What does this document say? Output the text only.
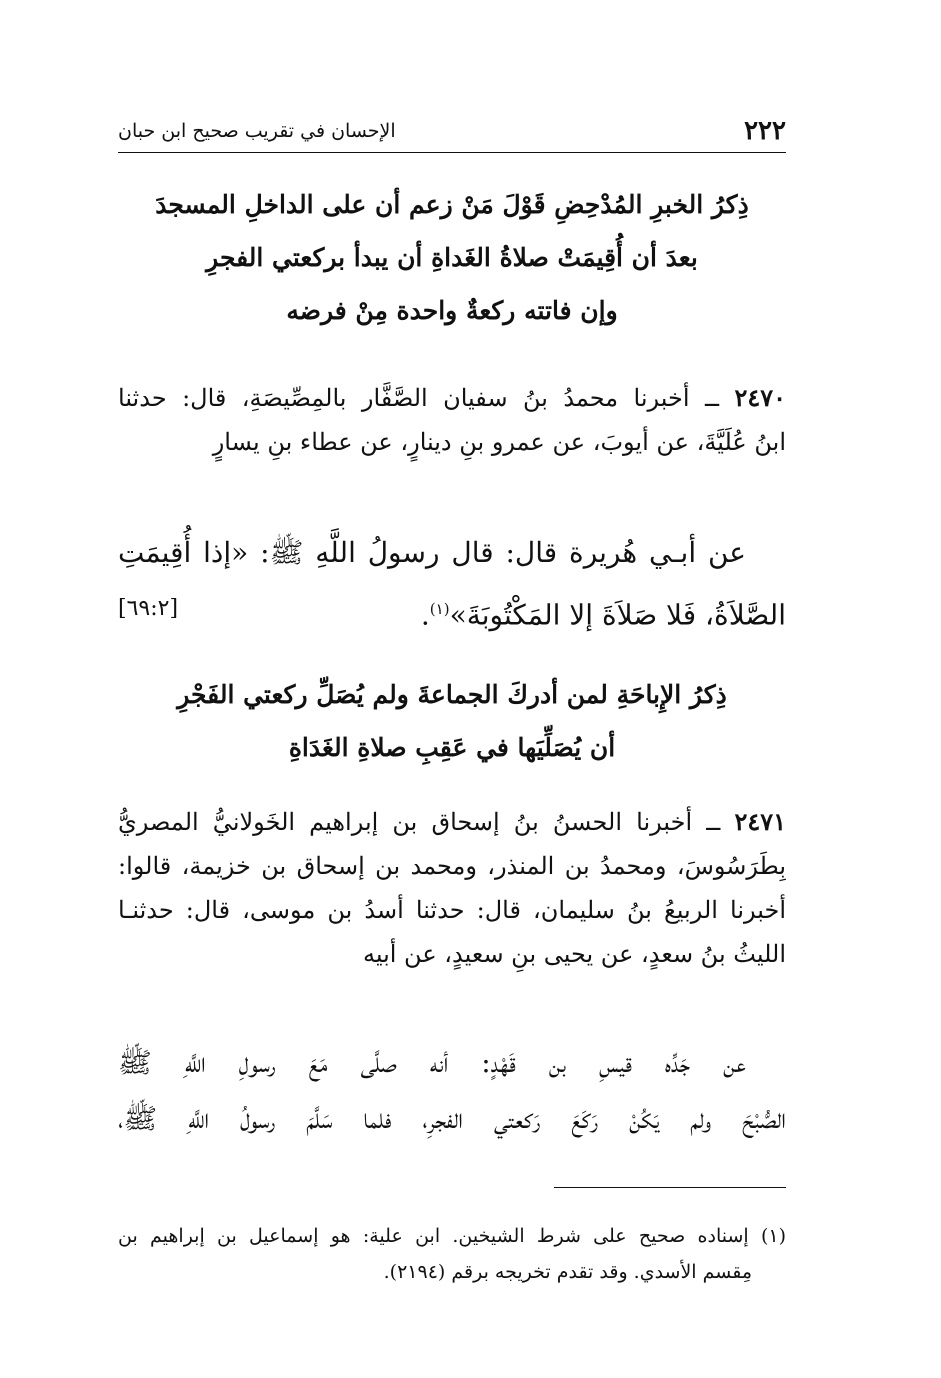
٢٢٢
الإحسان في تقريب صحيح ابن حبان
ذِكرُ الخبرِ المُدْحِضِ قَوْلَ مَنْ زعم أن على الداخلِ المسجدَ
بعدَ أن أُقِيمَتْ صلاةُ الغَداةِ أن يبدأ بركعتي الفجرِ
وإن فاتته ركعةٌ واحدة مِنْ فرضه
٢٤٧٠ ــ أخبرنا محمدُ بنُ سفيان الصَّفَّار بالمِصِّيصَةِ، قال: حدثنا
ابنُ عُلَيَّةَ، عن أيوبَ، عن عمرو بنِ دينارٍ، عن عطاء بنِ يسارٍ
عن أبـي هُريرة قال: قال رسولُ اللَّهِ ﷺ: «إذا أُقِيمَتِ
الصَّلاَةُ، فَلا صَلاَةَ إلا المَكْتُوبَةَ»$^{(١)}$.
[٦٩:٢]
ذِكرُ الإِباحَةِ لمن أدركَ الجماعةَ ولم يُصَلِّ ركعتي الفَجْرِ
أن يُصَلِّيَها في عَقِبِ صلاةِ الغَدَاةِ
٢٤٧١ ــ أخبرنا الحسنُ بنُ إسحاق بن إبراهيم الخَولانيُّ المصريُّ
بِطَرَسُوسَ، ومحمدُ بن المنذر، ومحمد بن إسحاق بن خزيمة، قالوا:
أخبرنا الربيعُ بنُ سليمان، قال: حدثنا أسدُ بن موسى، قال: حدثنـا
الليثُ بنُ سعدٍ، عن يحيى بنِ سعيدٍ، عن أبيه
عن جَدِّه قيسِ بن قَهْدٍ: أنه صلَّى مَعَ رسولِ اللَّهِ ﷺ
الصُّبْحَ ولم يَكُنْ رَكَعَ رَكعتي الفجرِ، فلما سَلَّمَ رسولُ اللَّهِ ﷺ،
(١) إسناده صحيح على شرط الشيخين. ابن علية: هو إسماعيل بن إبراهيم بن
مِقسم الأسدي. وقد تقدم تخريجه برقم (٢١٩٤).
